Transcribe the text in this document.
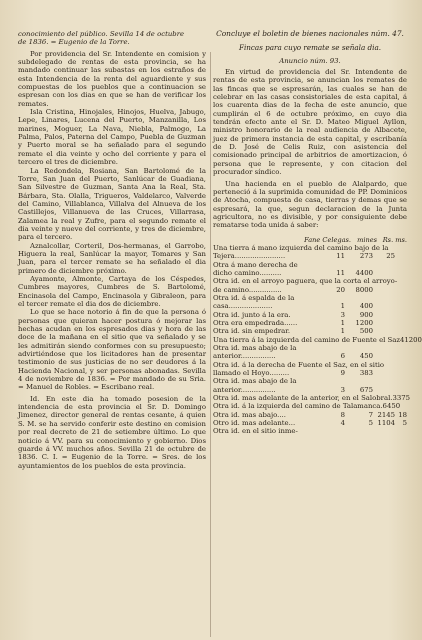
conocimiento del público. Sevilla 14 de octubre

de 1836. = Eugenio de la Torre.

Por providencia del Sr. Intendente en comision y subdelegado de rentas de esta provincia, se ha mandado continuar las subastas en los estraños de esta Intendencia de la renta del aguardiente y sus compuestas de los pueblos que a continuacion se espresan con los dias en que se han de verificar los remates.

Isla Cristina, Hinojales, Hinojos, Huelva, Jabugo, Lepe, Linares, Lucena del Puerto, Manzanilla, Los marines, Moguer, La Nava, Niebla, Palmogo, La Palma, Palos, Paterna del Campo, Puebla de Guzman y Puerto moral se ha señalado para el segundo remate el dia veinte y ocho del corriente y para el tercero el tres de diciembre.

La Redondela, Rosiana, San Bartolomé de la Torre, San Juan del Puerto, Sanlúcar de Guadiana, San Silvestre de Guzman, Santa Ana la Real, Sta. Bárbara, Sta. Olalla, Trigueros, Valdelarco, Valverde del Camino, Villablanca, Villalva del Alnueva de los Castillejos, Villanueva de las Cruces, Villarrasa, Zalamea la real y Zufre, para el segundo remate el dia veinte y nueve del corriente, y tres de diciembre, para el tercero.

Aznalcollar, Corteril, Dos-hermanas, el Garrobo, Higuera la real, Sanlúcar la mayor, Tomares y San Juan, para el tercer remate se ha señalado el dia primero de diciembre próximo.

Ayamonte, Almonte, Cartaya de los Céspedes, Cumbres mayores, Cumbres de S. Bartolomé, Encinasola del Campo, Encinasola y Gibraleon, para el tercer remate el dia dos de diciembre.

Lo que se hace notorio á fin de que la persona ó personas que quieran hacer postura ó mejorar las hechas acudan en los espresados dias y hora de las doce de la mañana en el sitio que va señalado y se les admitirán siendo conformes con su presupuesto; advirtiéndose que los licitadores han de presentar testimonio de sus justicias de no ser deudores á la Hacienda Nacional, y ser personas abonadas. Sevilla 4 de noviembre de 1836. = Por mandado de su Sria. = Manuel de Robles. = Escribano real.

Id. En este dia ha tomado posesion de la intendencia de esta provincia el Sr. D. Domingo Jimenez, director general de rentas cesante, á quien S. M. se ha servido conferir este destino en comision por real decreto de 21 de setiembre último. Lo que noticio á VV. para su conocimiento y gobierno. Dios guarde á VV. muchos años. Sevilla 21 de octubre de 1836. C. I. = Eugenio de la Torre. = Sres. de los ayuntamientos de los pueblos de esta provincia.

Concluye el boletin de bienes nacionales núm. 47.

Fincas para cuyo remate se señala dia.

Anuncio núm. 93.

En virtud de providencia del Sr. Intendente de rentas de esta provincia, se anuncian los remates de las fincas que se espresarán, las cuales se han de celebrar en las casas consistoriales de esta capital, á los cuarenta dias de la fecha de este anuncio, que cumplirán el 6 de octubre próximo, en cuyo dia tendrán efecto ante el Sr. D. Mateo Miguel Ayllon, ministro honorario de la real audiencia de Albacete, juez de primera instancia de esta capital, y escribanía de D. José de Celis Ruiz, con asistencia del comisionado principal de arbitrios de amortizacion, ó persona que le represente, y con citacion del procurador síndico.

Una hacienda en el pueblo de Alalpardo, que perteneció á la suprimida comunidad de PP. Dominicos de Atocha, compuesta de casa, tierras y demas que se espresará, la que, segun declaracion de la Junta agricultora, no es divisible, y por consiguiente debe rematarse toda unida á saber:

Fane Celegas. mines Rs. ms.
Una tierra á mano izquierda del camino bajo de la
Tejera.......................	11	273	25
Otra á mano derecha de
dicho camino..........	11	4400
Otra id. en el arroyo paguera, que la corta el arroyo-
de camino...............	20	8000
Otra id. á espalda de la
casa....................	1	400
Otra id. junto á la era.	3	900
Otra era empedrada......	1	1200
Otra id. sin empedrar.	1	500
Una tierra á la izquierda del camino de Fuente el Saz 4 1200
Otra id. mas abajo de la
anterior................	6	450
Otra id. á la derecha de Fuente el Saz, en el sitio
llamado el Hoyo.........	9	383
Otra id. mas abajo de la
anterior................	3	675
Otra id. mas adelante de la anterior, en el Salobral. 3 375
Otra id. á la izquierda del camino de Talamanca. 6 450
Otra id. mas abajo....	8	7 2145 18
Otro id. mas adelante...	4	5 1104	5
Otra id. en el sitio inme-
